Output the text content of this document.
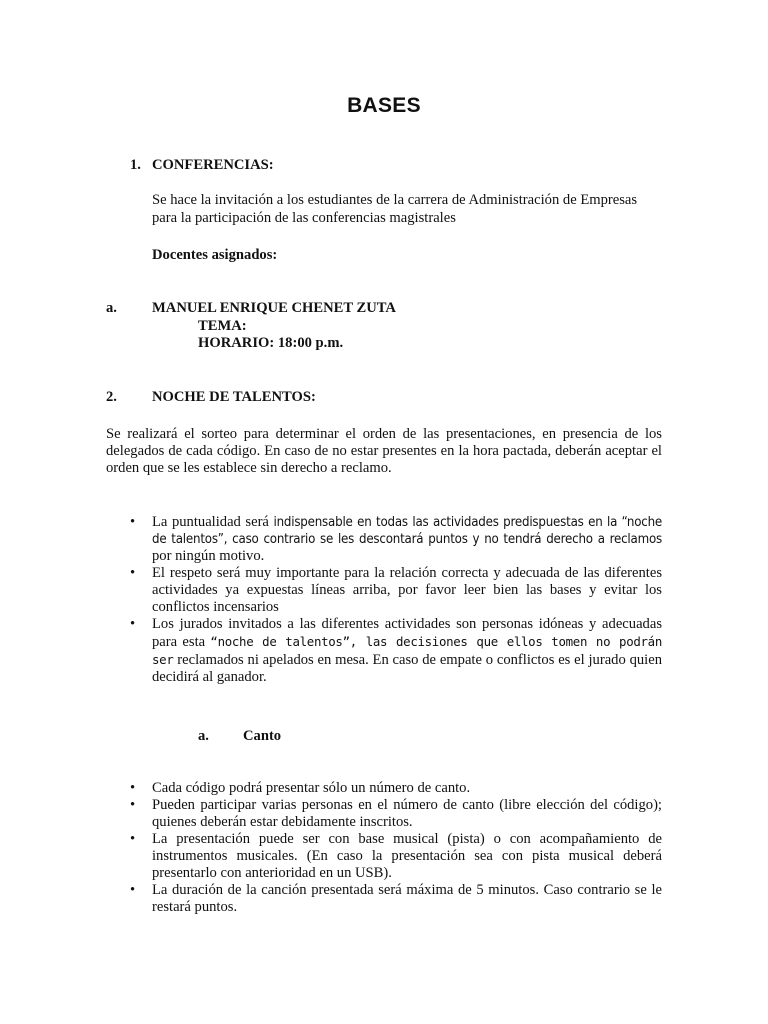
BASES
1. CONFERENCIAS:
Se hace la invitación a los estudiantes de la carrera de Administración de Empresas
para la participación de las conferencias magistrales
Docentes asignados:
a. MANUEL ENRIQUE CHENET ZUTA
TEMA:
HORARIO: 18:00 p.m.
2. NOCHE DE TALENTOS:

Se realizará el sorteo para determinar el orden de las presentaciones, en presencia de los delegados de cada código. En caso de no estar presentes en la hora pactada, deberán aceptar el orden que se les establece sin derecho a reclamo.

• La puntualidad será indispensable en todas las actividades predispuestas en la “noche de talentos”, caso contrario se les descontará puntos y no tendrá derecho a reclamos por ningún motivo.
• El respeto será muy importante para la relación correcta y adecuada de las diferentes actividades ya expuestas líneas arriba, por favor leer bien las bases y evitar los conflictos incensarios
• Los jurados invitados a las diferentes actividades son personas idóneas y adecuadas para esta “noche de talentos”, las decisiones que ellos tomen no podrán ser reclamados ni apelados en mesa. En caso de empate o conflictos es el jurado quien decidirá al ganador.
a. Canto
• Cada código podrá presentar sólo un número de canto.
• Pueden participar varias personas en el número de canto (libre elección del código); quienes deberán estar debidamente inscritos.
• La presentación puede ser con base musical (pista) o con acompañamiento de instrumentos musicales. (En caso la presentación sea con pista musical deberá presentarlo con anterioridad en un USB).
• La duración de la canción presentada será máxima de 5 minutos. Caso contrario se le restará puntos.
